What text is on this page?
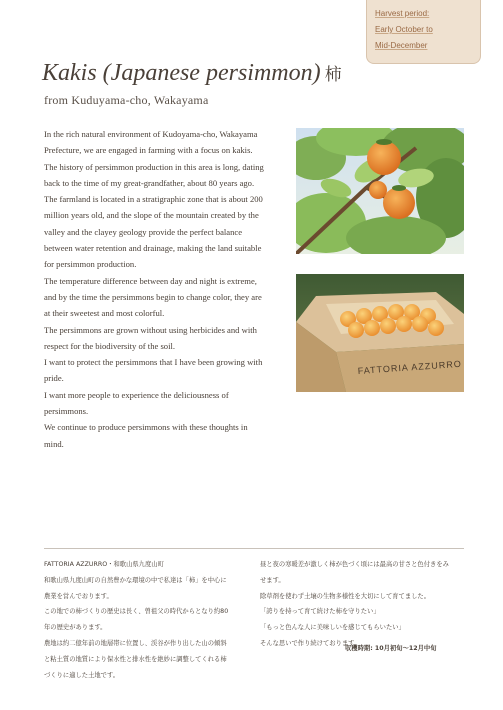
Harvest period:
Early October to
Mid-December
Kakis (Japanese persimmon) 柿
from Kuduyama-cho, Wakayama

In the rich natural environment of Kudoyama-cho, Wakayama Prefecture, we are engaged in farming with a focus on kakis.

The history of persimmon production in this area is long, dating back to the time of my great-grandfather, about 80 years ago.

The farmland is located in a stratigraphic zone that is about 200 million years old, and the slope of the mountain created by the valley and the clayey geology provide the perfect balance between water retention and drainage, making the land suitable for persimmon production.

The temperature difference between day and night is extreme, and by the time the persimmons begin to change color, they are at their sweetest and most colorful.

The persimmons are grown without using herbicides and with respect for the biodiversity of the soil.

I want to protect the persimmons that I have been growing with pride.

I want more people to experience the deliciousness of persimmons.

We continue to produce persimmons with these thoughts in mind.

FATTORIA AZZURRO

FATTORIA AZZURRO・和歌山県九度山町

和歌山県九度山町の自然豊かな環境の中で私達は「柿」を中心に

農業を営んでおります。

この地での柿づくりの歴史は長く、曽祖父の時代からとなり約80

年の歴史があります。

農地は約二億年前の地層帯に位置し、渓谷が作り出した山の傾斜

と粘土質の地質により保水性と排水性を絶妙に調整してくれる柿

づくりに適した土地です。

昼と夜の寒暖差が激しく柿が色づく頃には最高の甘さと色付きをみ

せます。

除草剤を使わず土壌の生物多様性を大切にして育てました。

「誇りを持って育て続けた柿を守りたい」

「もっと色んな人に美味しいを感じてもらいたい」

そんな思いで作り続けております。

収穫時期: 10月初旬〜12月中旬
